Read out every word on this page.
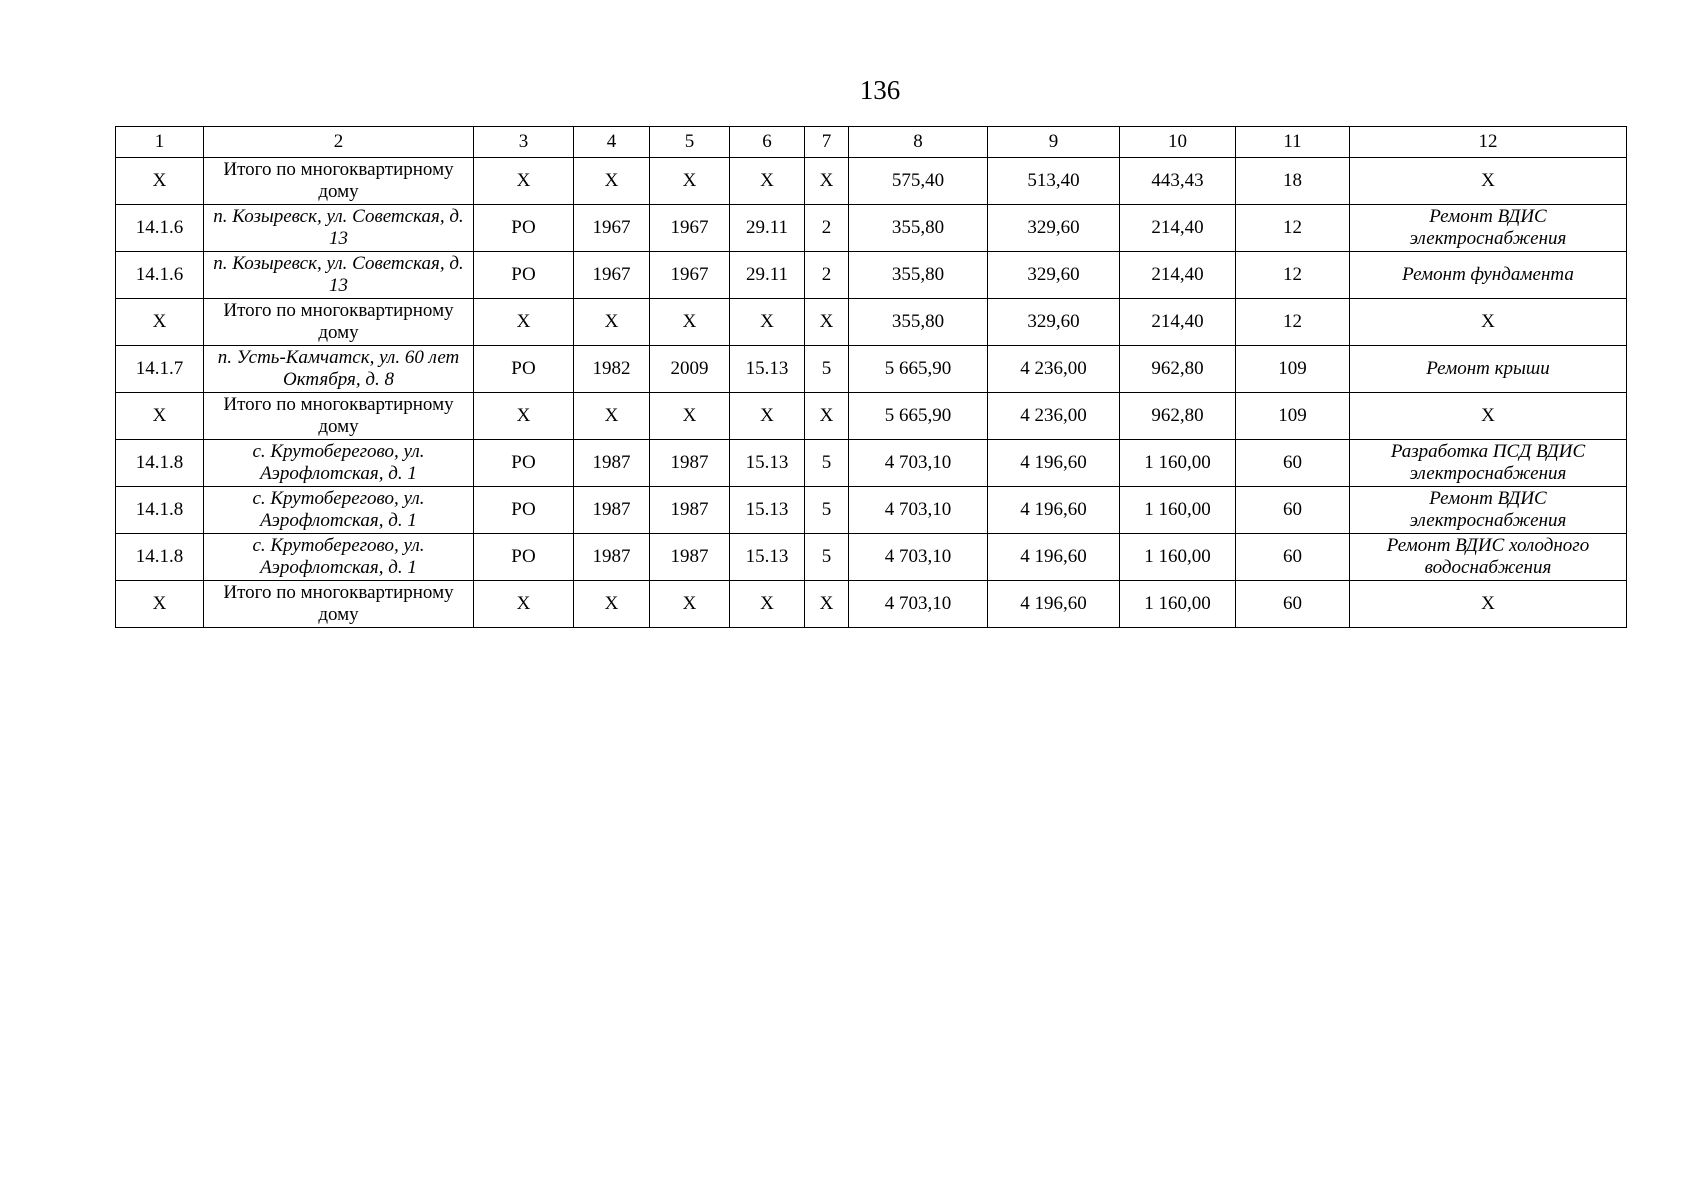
136
1	2	3	4	5	6	7	8	9	10	11	12
Х	Итого по многоквартирному дому	Х	Х	Х	Х	Х	575,40	513,40	443,43	18	Х
14.1.6	п. Козыревск, ул. Советская, д. 13	РО	1967	1967	29.11	2	355,80	329,60	214,40	12	Ремонт ВДИС электроснабжения
14.1.6	п. Козыревск, ул. Советская, д. 13	РО	1967	1967	29.11	2	355,80	329,60	214,40	12	Ремонт фундамента
Х	Итого по многоквартирному дому	Х	Х	Х	Х	Х	355,80	329,60	214,40	12	Х
14.1.7	п. Усть-Камчатск, ул. 60 лет Октября, д. 8	РО	1982	2009	15.13	5	5 665,90	4 236,00	962,80	109	Ремонт крыши
Х	Итого по многоквартирному дому	Х	Х	Х	Х	Х	5 665,90	4 236,00	962,80	109	Х
14.1.8	с. Крутоберегово, ул. Аэрофлотская, д. 1	РО	1987	1987	15.13	5	4 703,10	4 196,60	1 160,00	60	Разработка ПСД ВДИС электроснабжения
14.1.8	с. Крутоберегово, ул. Аэрофлотская, д. 1	РО	1987	1987	15.13	5	4 703,10	4 196,60	1 160,00	60	Ремонт ВДИС электроснабжения
14.1.8	с. Крутоберегово, ул. Аэрофлотская, д. 1	РО	1987	1987	15.13	5	4 703,10	4 196,60	1 160,00	60	Ремонт ВДИС холодного водоснабжения
Х	Итого по многоквартирному дому	Х	Х	Х	Х	Х	4 703,10	4 196,60	1 160,00	60	Х
